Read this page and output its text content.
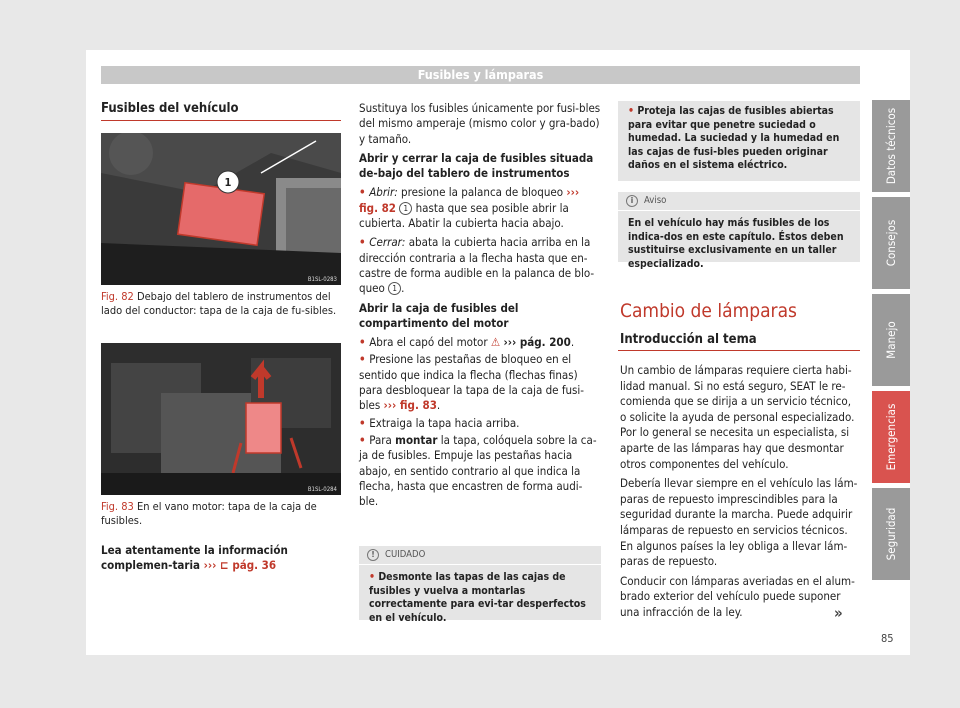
Fusibles y lámparas
Fusibles del vehículo
1
B1SL-0283
Fig. 82 Debajo del tablero de instrumentos del lado del conductor: tapa de la caja de fu-sibles.
B1SL-0284
Fig. 83 En el vano motor: tapa de la caja de fusibles.
Lea atentamente la información complemen-taria ››› ⊏ pág. 36

Sustituya los fusibles únicamente por fusi-bles del mismo amperaje (mismo color y gra-bado) y tamaño.

Abrir y cerrar la caja de fusibles situada de-bajo del tablero de instrumentos

• Abrir: presione la palanca de bloqueo ››› fig. 82 1 hasta que sea posible abrir la cubierta. Abatir la cubierta hacia abajo.

• Cerrar: abata la cubierta hacia arriba en la dirección contraria a la flecha hasta que en-castre de forma audible en la palanca de blo-queo 1 .

Abrir la caja de fusibles del compartimento del motor

• Abra el capó del motor ⚠ ››› pág. 200.

• Presione las pestañas de bloqueo en el sentido que indica la flecha (flechas finas) para desbloquear la tapa de la caja de fusi-bles ››› fig. 83.

• Extraiga la tapa hacia arriba.

• Para montar la tapa, colóquela sobre la ca-ja de fusibles. Empuje las pestañas hacia abajo, en sentido contrario al que indica la flecha, hasta que encastren de forma audi-ble.

!	CUIDADO
• Desmonte las tapas de las cajas de fusibles y vuelva a montarlas correctamente para evi-tar desperfectos en el vehículo.
• Proteja las cajas de fusibles abiertas para evitar que penetre suciedad o humedad. La suciedad y la humedad en las cajas de fusi-bles pueden originar daños en el sistema eléctrico.
i	Aviso
En el vehículo hay más fusibles de los indica-dos en este capítulo. Éstos deben sustituirse exclusivamente en un taller especializado.
Cambio de lámparas
Introducción al tema

Un cambio de lámparas requiere cierta habi-lidad manual. Si no está seguro, SEAT le re-comienda que se dirija a un servicio técnico, o solicite la ayuda de personal especializado. Por lo general se necesita un especialista, si aparte de las lámparas hay que desmontar otros componentes del vehículo.

Debería llevar siempre en el vehículo las lám-paras de repuesto imprescindibles para la seguridad durante la marcha. Puede adquirir lámparas de repuesto en servicios técnicos. En algunos países la ley obliga a llevar lám-paras de repuesto.

Conducir con lámparas averiadas en el alum-brado exterior del vehículo puede suponer una infracción de la ley.	»
Datos técnicos
Consejos
Manejo
Emergencias
Seguridad
85
